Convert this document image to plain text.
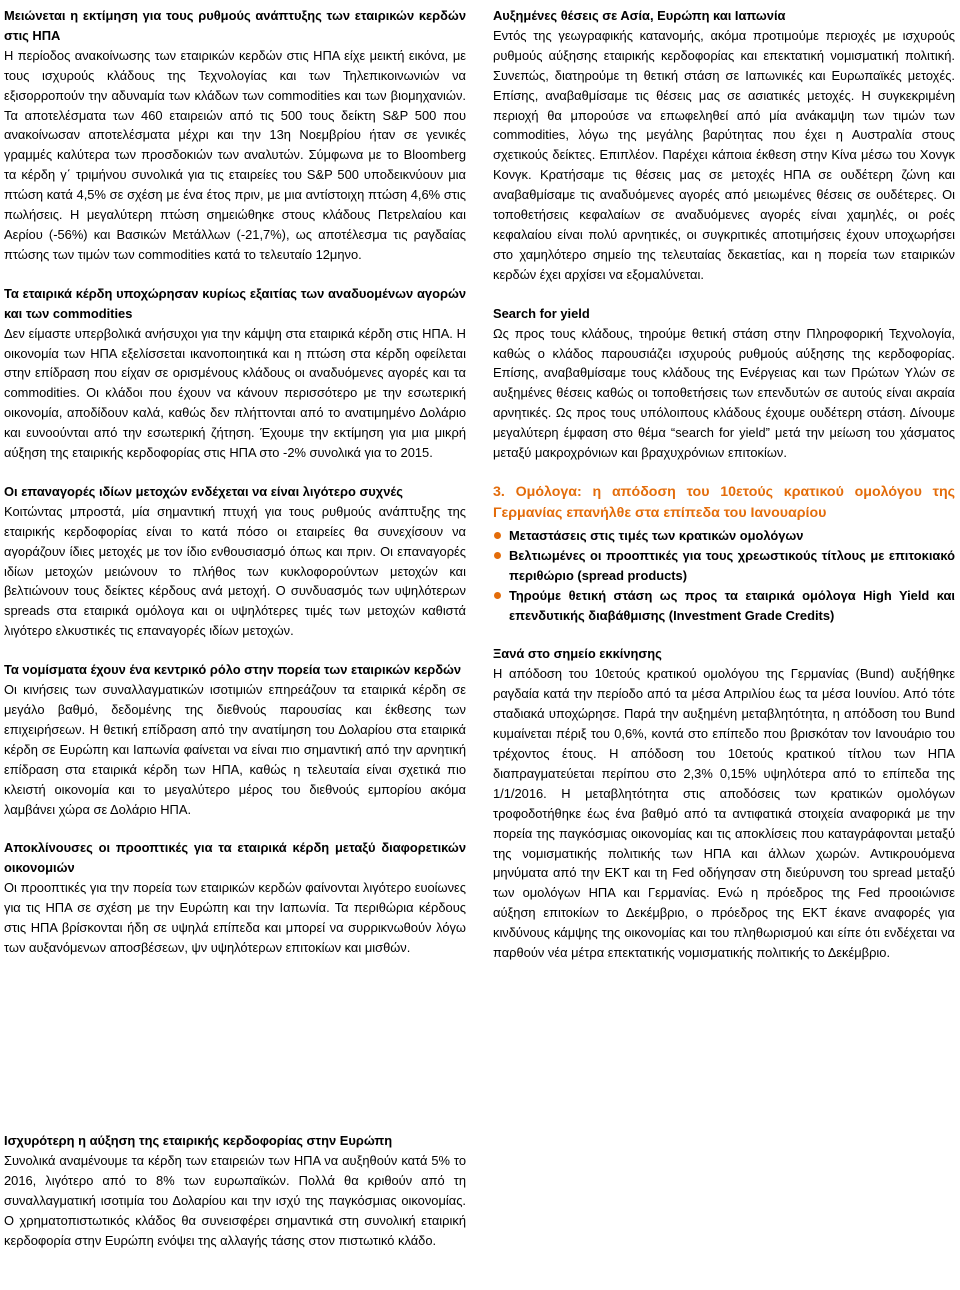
Μειώνεται η εκτίμηση για τους ρυθμούς ανάπτυξης των εταιρικών κερδών στις ΗΠΑ

Η περίοδος ανακοίνωσης των εταιρικών κερδών στις ΗΠΑ είχε μεικτή εικόνα, με τους ισχυρούς κλάδους της Τεχνολογίας και των Τηλεπικοινωνιών να εξισορροπούν την αδυναμία των κλάδων των commodities και των βιομηχανιών. Τα αποτελέσματα των 460 εταιρειών από τις 500 τους δείκτη S&P 500 που ανακοίνωσαν αποτελέσματα μέχρι και την 13η Νοεμβρίου ήταν σε γενικές γραμμές καλύτερα των προσδοκιών των αναλυτών. Σύμφωνα με το Bloomberg τα κέρδη γ΄ τριμήνου συνολικά για τις εταιρείες του S&P 500 υποδεικνύουν μια πτώση κατά 4,5% σε σχέση με ένα έτος πριν, με μια αντίστοιχη πτώση 4,6% στις πωλήσεις. Η μεγαλύτερη πτώση σημειώθηκε στους κλάδους Πετρελαίου και Αερίου (-56%) και Βασικών Μετάλλων (-21,7%), ως αποτέλεσμα τις ραγδαίας πτώσης των τιμών των commodities κατά το τελευταίο 12μηνο.

Τα εταιρικά κέρδη υποχώρησαν κυρίως εξαιτίας των αναδυομένων αγορών και των commodities

Δεν είμαστε υπερβολικά ανήσυχοι για την κάμψη στα εταιρικά κέρδη στις ΗΠΑ. Η οικονομία των ΗΠΑ εξελίσσεται ικανοποιητικά και η πτώση στα κέρδη οφείλεται στην επίδραση που είχαν σε ορισμένους κλάδους οι αναδυόμενες αγορές και τα commodities. Οι κλάδοι που έχουν να κάνουν περισσότερο με την εσωτερική οικονομία, αποδίδουν καλά, καθώς δεν πλήττονται από το ανατιμημένο Δολάριο και ευνοούνται από την εσωτερική ζήτηση. Έχουμε την εκτίμηση για μια μικρή αύξηση της εταιρικής κερδοφορίας στις ΗΠΑ στο -2% συνολικά για το 2015.

Οι επαναγορές ιδίων μετοχών ενδέχεται να είναι λιγότερο συχνές

Κοιτώντας μπροστά, μία σημαντική πτυχή για τους ρυθμούς ανάπτυξης της εταιρικής κερδοφορίας είναι το κατά πόσο οι εταιρείες θα συνεχίσουν να αγοράζουν ίδιες μετοχές με τον ίδιο ενθουσιασμό όπως και πριν. Οι επαναγορές ιδίων μετοχών μειώνουν το πλήθος των κυκλοφορούντων μετοχών και βελτιώνουν τους δείκτες κέρδους ανά μετοχή. Ο συνδυασμός των υψηλότερων spreads στα εταιρικά ομόλογα και οι υψηλότερες τιμές των μετοχών καθιστά λιγότερο ελκυστικές τις επαναγορές ιδίων μετοχών.

Τα νομίσματα έχουν ένα κεντρικό ρόλο στην πορεία των εταιρικών κερδών

Οι κινήσεις των συναλλαγματικών ισοτιμιών επηρεάζουν τα εταιρικά κέρδη σε μεγάλο βαθμό, δεδομένης της διεθνούς παρουσίας και έκθεσης των επιχειρήσεων. Η θετική επίδραση από την ανατίμηση του Δολαρίου στα εταιρικά κέρδη σε Ευρώπη και Ιαπωνία φαίνεται να είναι πιο σημαντική από την αρνητική επίδραση στα εταιρικά κέρδη των ΗΠΑ, καθώς η τελευταία είναι σχετικά πιο κλειστή οικονομία και το μεγαλύτερο μέρος του διεθνούς εμπορίου ακόμα λαμβάνει χώρα σε Δολάριο ΗΠΑ.

Αποκλίνουσες οι προοπτικές για τα εταιρικά κέρδη μεταξύ διαφορετικών οικονομιών

Οι προοπτικές για την πορεία των εταιρικών κερδών φαίνονται λιγότερο ευοίωνες για τις ΗΠΑ σε σχέση με την Ευρώπη και την Ιαπωνία. Τα περιθώρια κέρδους στις ΗΠΑ βρίσκονται ήδη σε υψηλά επίπεδα και μπορεί να συρρικνωθούν λόγω των αυξανόμενων αποσβέσεων, ψν υψηλότερων επιτοκίων και μισθών.

Ισχυρότερη η αύξηση της εταιρικής κερδοφορίας στην Ευρώπη

Συνολικά αναμένουμε τα κέρδη των εταιρειών των ΗΠΑ να αυξηθούν κατά 5% το 2016, λιγότερο από το 8% των ευρωπαϊκών. Πολλά θα κριθούν από τη συναλλαγματική ισοτιμία του Δολαρίου και την ισχύ της παγκόσμιας οικονομίας. Ο χρηματοπιστωτικός κλάδος θα συνεισφέρει σημαντικά στη συνολική εταιρική κερδοφορία στην Ευρώπη ενόψει της αλλαγής τάσης στον πιστωτικό κλάδο.

Αυξημένες θέσεις σε Ασία, Ευρώπη και Ιαπωνία

Εντός της γεωγραφικής κατανομής, ακόμα προτιμούμε περιοχές με ισχυρούς ρυθμούς αύξησης εταιρικής κερδοφορίας και επεκτατική νομισματική πολιτική. Συνεπώς, διατηρούμε τη θετική στάση σε Ιαπωνικές και Ευρωπαϊκές μετοχές. Επίσης, αναβαθμίσαμε τις θέσεις μας σε ασιατικές μετοχές. Η συγκεκριμένη περιοχή θα μπορούσε να επωφεληθεί από μία ανάκαμψη των τιμών των commodities, λόγω της μεγάλης βαρύτητας που έχει η Αυστραλία στους σχετικούς δείκτες. Επιπλέον. Παρέχει κάποια έκθεση στην Κίνα μέσω του Χονγκ Κονγκ. Κρατήσαμε τις θέσεις μας σε μετοχές ΗΠΑ σε ουδέτερη ζώνη και αναβαθμίσαμε τις αναδυόμενες αγορές από μειωμένες θέσεις σε ουδέτερες. Οι τοποθετήσεις κεφαλαίων σε αναδυόμενες αγορές είναι χαμηλές, οι ροές κεφαλαίου είναι πολύ αρνητικές, οι συγκριτικές αποτιμήσεις έχουν υποχωρήσει στο χαμηλότερο σημείο της τελευταίας δεκαετίας, και η πορεία των εταιρικών κερδών έχει αρχίσει να εξομαλύνεται.

Search for yield

Ως προς τους κλάδους, τηρούμε θετική στάση στην Πληροφορική Τεχνολογία, καθώς ο κλάδος παρουσιάζει ισχυρούς ρυθμούς αύξησης της κερδοφορίας. Επίσης, αναβαθμίσαμε τους κλάδους της Ενέργειας και των Πρώτων Υλών σε αυξημένες θέσεις καθώς οι τοποθετήσεις των επενδυτών σε αυτούς είναι ακραία αρνητικές. Ως προς τους υπόλοιπους κλάδους έχουμε ουδέτερη στάση. Δίνουμε μεγαλύτερη έμφαση στο θέμα “search for yield” μετά την μείωση του χάσματος μεταξύ μακροχρόνιων και βραχυχρόνιων επιτοκίων.

3. Ομόλογα: η απόδοση του 10ετούς κρατικού ομολόγου της Γερμανίας επανήλθε στα επίπεδα του Ιανουαρίου

Μεταστάσεις στις τιμές των κρατικών ομολόγων
Βελτιωμένες οι προοπτικές για τους χρεωστικούς τίτλους με επιτοκιακό περιθώριο (spread products)
Τηρούμε θετική στάση ως προς τα εταιρικά ομόλογα High Yield και επενδυτικής διαβάθμισης (Investment Grade Credits)

Ξανά στο σημείο εκκίνησης

Η απόδοση του 10ετούς κρατικού ομολόγου της Γερμανίας (Bund) αυξήθηκε ραγδαία κατά την περίοδο από τα μέσα Απριλίου έως τα μέσα Ιουνίου. Από τότε σταδιακά υποχώρησε. Παρά την αυξημένη μεταβλητότητα, η απόδοση του Bund κυμαίνεται πέριξ του 0,6%, κοντά στο επίπεδο που βρισκόταν τον Ιανουάριο του τρέχοντος έτους. Η απόδοση του 10ετούς κρατικού τίτλου των ΗΠΑ διαπραγματεύεται περίπου στο 2,3% 0,15% υψηλότερα από το επίπεδα της 1/1/2016. Η μεταβλητότητα στις αποδόσεις των κρατικών ομολόγων τροφοδοτήθηκε έως ένα βαθμό από τα αντιφατικά στοιχεία αναφορικά με την πορεία της παγκόσμιας οικονομίας και τις αποκλίσεις που καταγράφονται μεταξύ της νομισματικής πολιτικής των ΗΠΑ και άλλων χωρών. Αντικρουόμενα μηνύματα από την ΕΚΤ και τη Fed οδήγησαν στη διεύρυνση του spread μεταξύ των ομολόγων ΗΠΑ και Γερμανίας. Ενώ η πρόεδρος της Fed προοιώνισε αύξηση επιτοκίων το Δεκέμβριο, ο πρόεδρος της ΕΚΤ έκανε αναφορές για κινδύνους κάμψης της οικονομίας και του πληθωρισμού και είπε ότι ενδέχεται να παρθούν νέα μέτρα επεκτατικής νομισματικής πολιτικής το Δεκέμβριο.
